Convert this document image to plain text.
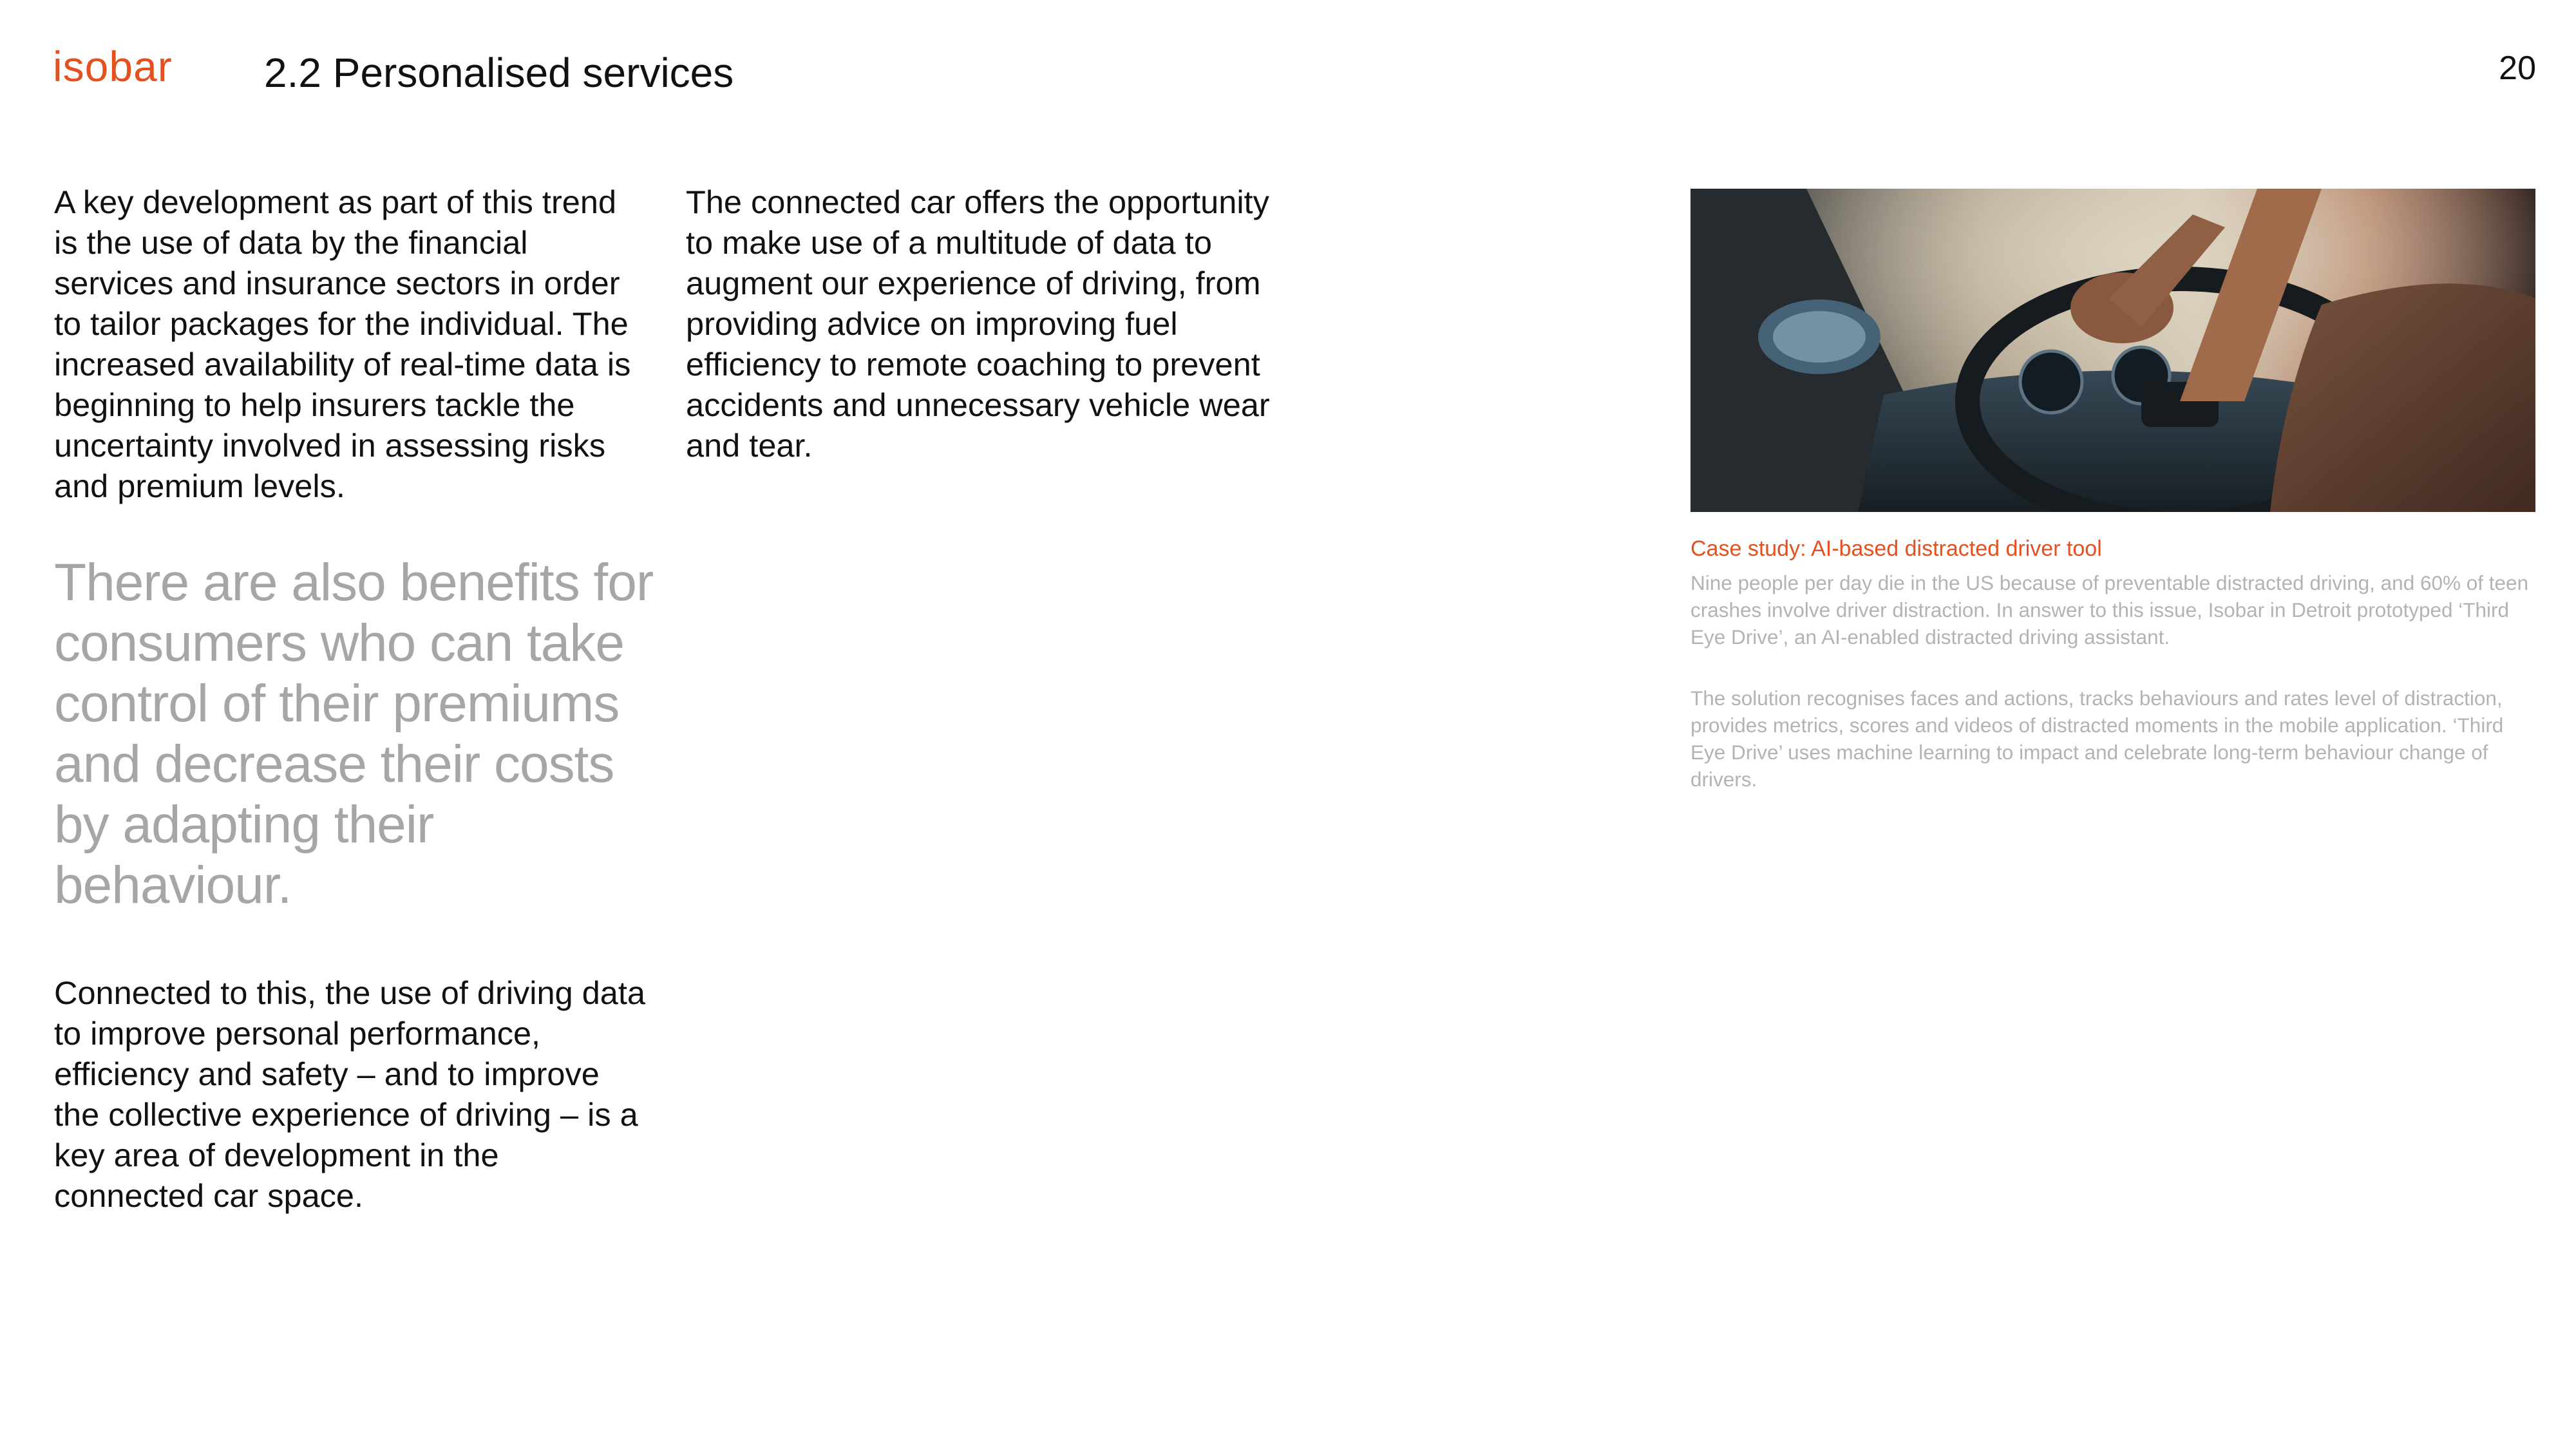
isobar 2.2 Personalised services	20

A key development as part of this trend is the use of data by the financial services and insurance sectors in order to tailor packages for the individual. The increased availability of real-time data is beginning to help insurers tackle the uncertainty involved in assessing risks and premium levels.

The connected car offers the opportunity to make use of a multitude of data to augment our experience of driving, from providing advice on improving fuel efficiency to remote coaching to prevent accidents and unnecessary vehicle wear and tear.

There are also benefits for consumers who can take control of their premiums and decrease their costs by adapting their behaviour.

Connected to this, the use of driving data to improve personal performance, efficiency and safety – and to improve the collective experience of driving – is a key area of development in the connected car space.

Case study: AI-based distracted driver tool

Nine people per day die in the US because of preventable distracted driving, and 60% of teen crashes involve driver distraction. In answer to this issue, Isobar in Detroit prototyped ‘Third Eye Drive’, an AI-enabled distracted driving assistant.

The solution recognises faces and actions, tracks behaviours and rates level of distraction, provides metrics, scores and videos of distracted moments in the mobile application. ‘Third Eye Drive’ uses machine learning to impact and celebrate long-term behaviour change of drivers.
